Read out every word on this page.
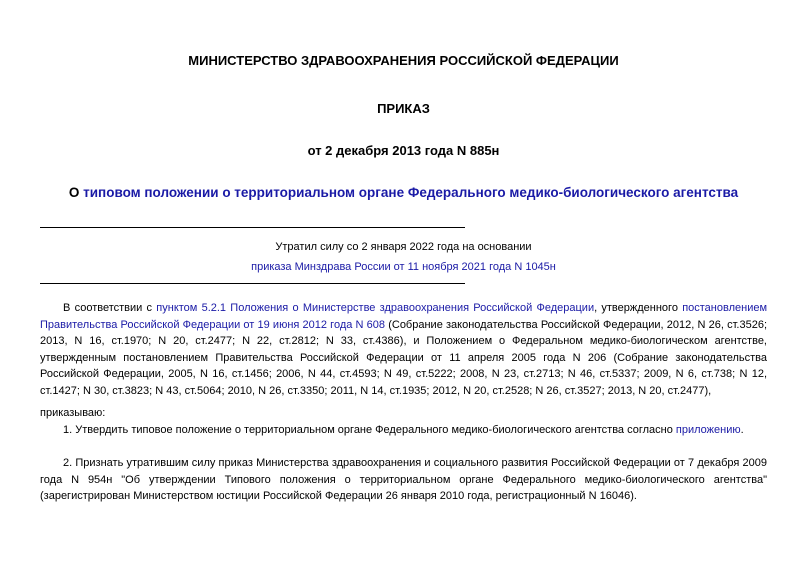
МИНИСТЕРСТВО ЗДРАВООХРАНЕНИЯ РОССИЙСКОЙ ФЕДЕРАЦИИ
ПРИКАЗ
от 2 декабря 2013 года N 885н
О типовом положении о территориальном органе Федерального медико-биологического агентства
Утратил силу со 2 января 2022 года на основании
приказа Минздрава России от 11 ноября 2021 года N 1045н
В соответствии с пунктом 5.2.1 Положения о Министерстве здравоохранения Российской Федерации, утвержденного постановлением Правительства Российской Федерации от 19 июня 2012 года N 608 (Собрание законодательства Российской Федерации, 2012, N 26, ст.3526; 2013, N 16, ст.1970; N 20, ст.2477; N 22, ст.2812; N 33, ст.4386), и Положением о Федеральном медико-биологическом агентстве, утвержденным постановлением Правительства Российской Федерации от 11 апреля 2005 года N 206 (Собрание законодательства Российской Федерации, 2005, N 16, ст.1456; 2006, N 44, ст.4593; N 49, ст.5222; 2008, N 23, ст.2713; N 46, ст.5337; 2009, N 6, ст.738; N 12, ст.1427; N 30, ст.3823; N 43, ст.5064; 2010, N 26, ст.3350; 2011, N 14, ст.1935; 2012, N 20, ст.2528; N 26, ст.3527; 2013, N 20, ст.2477),
приказываю:
1. Утвердить типовое положение о территориальном органе Федерального медико-биологического агентства согласно приложению.
2. Признать утратившим силу приказ Министерства здравоохранения и социального развития Российской Федерации от 7 декабря 2009 года N 954н "Об утверждении Типового положения о территориальном органе Федерального медико-биологического агентства" (зарегистрирован Министерством юстиции Российской Федерации 26 января 2010 года, регистрационный N 16046).
